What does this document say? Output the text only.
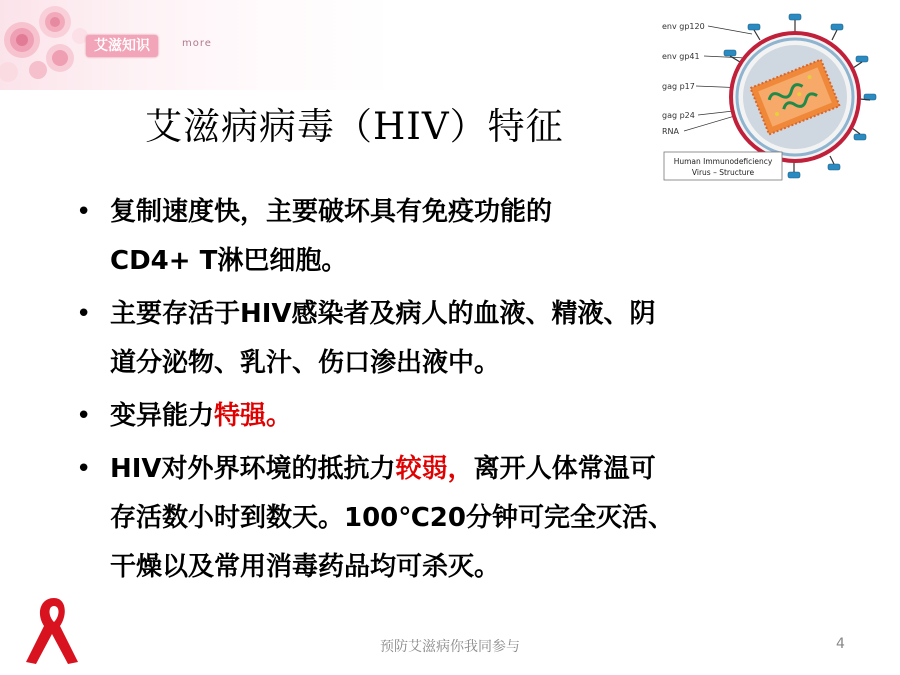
艾滋知识	more
艾滋病病毒（HIV）特征
env gp120
env gp41
gag p17
gag p24
RNA
Human Immunodeficiency
Virus – Structure
• 复制速度快，主要破坏具有免疫功能的
CD4+ T淋巴细胞。
• 主要存活于HIV感染者及病人的血液、精液、阴
道分泌物、乳汁、伤口渗出液中。
• 变异能力特强。
• HIV对外界环境的抵抗力较弱，离开人体常温可
存活数小时到数天。100℃20分钟可完全灭活、
干燥以及常用消毒药品均可杀灭。
预防艾滋病你我同参与	4
